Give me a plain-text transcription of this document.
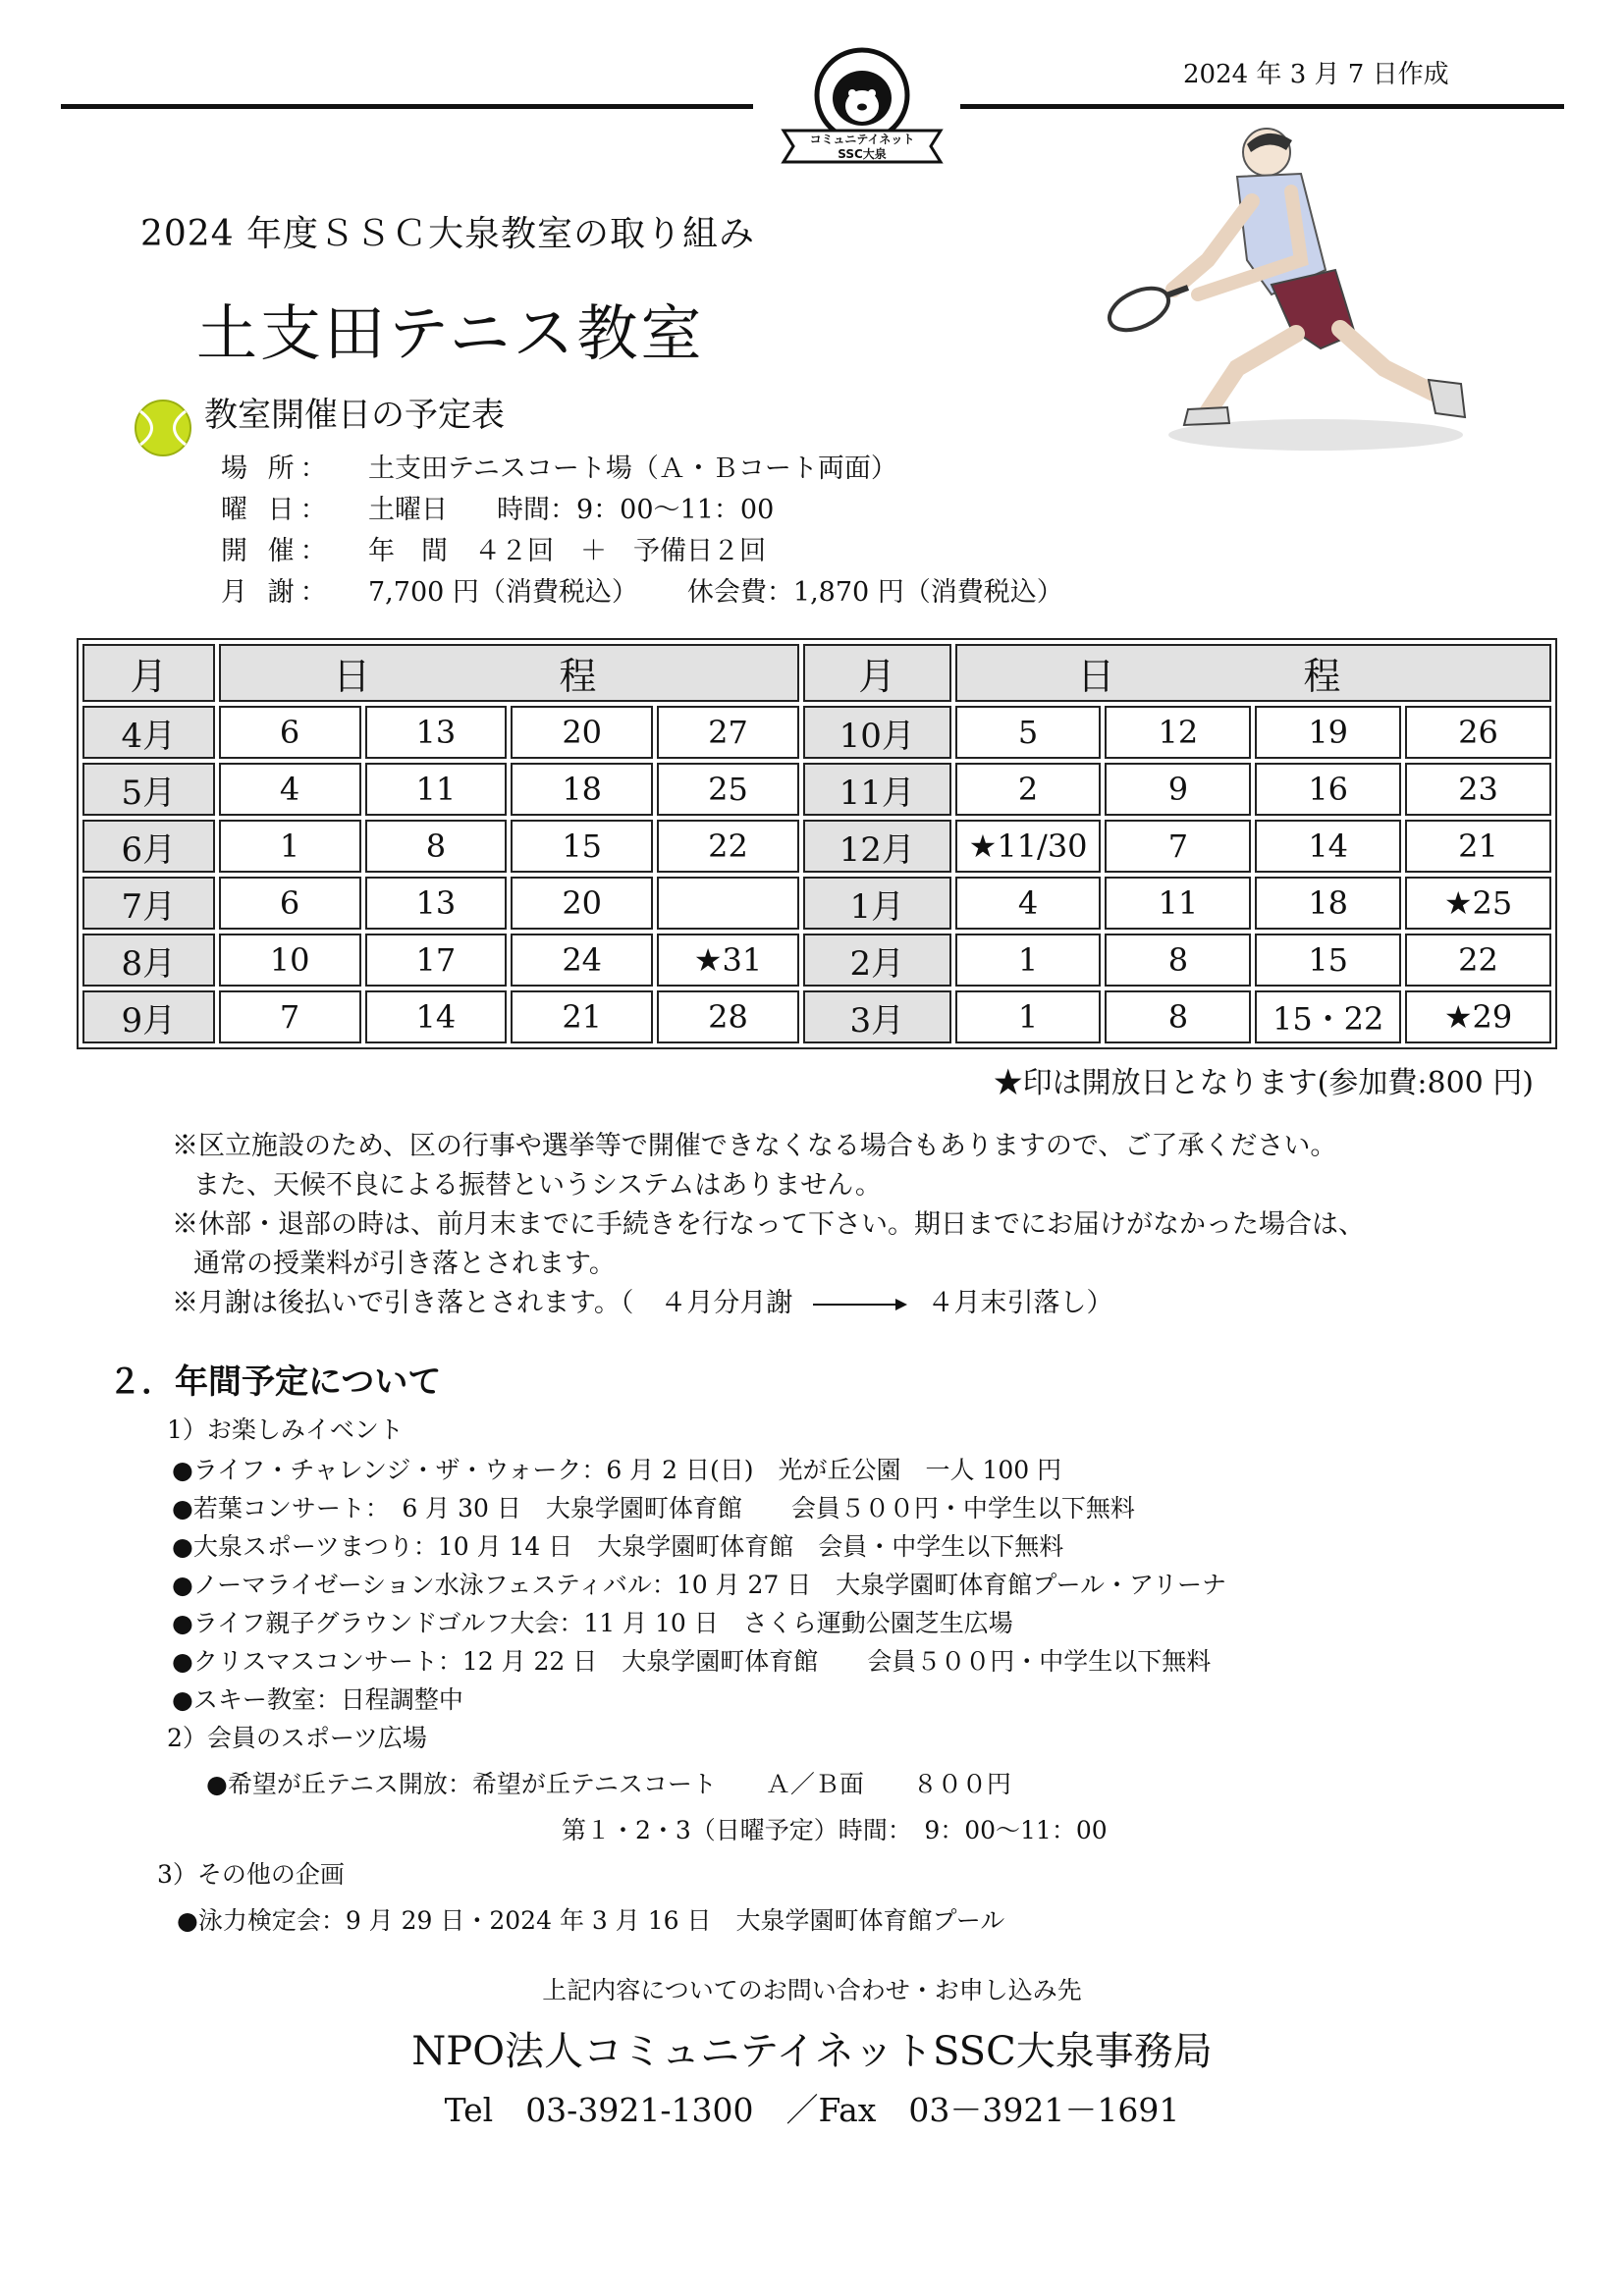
2024 年 3 月 7 日作成
コミュニテイネット
SSC大泉
2024 年度ＳＳＣ大泉教室の取り組み
土支田テニス教室
教室開催日の予定表
場 所： 土支田テニスコート場（Ａ・Ｂコート両面）
曜 日： 土曜日 時間：9：00〜11：00
開 催： 年　間　４２回　＋　予備日２回
月 謝： 7,700 円（消費税込） 休会費：1,870 円（消費税込）
月	日 程				月	日 程			
4月	6	13	20	27	10月	5	12	19	26
5月	4	11	18	25	11月	2	9	16	23
6月	1	8	15	22	12月	★11/30	7	14	21
7月	6	13	20		1月	4	11	18	★25
8月	10	17	24	★31	2月	1	8	15	22
9月	7	14	21	28	3月	1	8	15・22	★29
★印は開放日となります(参加費:800 円)
※区立施設のため、区の行事や選挙等で開催できなくなる場合もありますので、ご了承ください。
また、天候不良による振替というシステムはありません。
※休部・退部の時は、前月末までに手続きを行なって下さい。期日までにお届けがなかった場合は、
通常の授業料が引き落とされます。
※月謝は後払いで引き落とされます。（　４月分月謝	４月末引落し）
２．年間予定について
1）お楽しみイベント
●ライフ・チャレンジ・ザ・ウォーク：6 月 2 日(日)　光が丘公園　一人 100 円
●若葉コンサート：　6 月 30 日　大泉学園町体育館　　会員５００円・中学生以下無料
●大泉スポーツまつり：10 月 14 日　大泉学園町体育館　会員・中学生以下無料
●ノーマライゼーション水泳フェスティバル：10 月 27 日　大泉学園町体育館プール・アリーナ
●ライフ親子グラウンドゴルフ大会：11 月 10 日　さくら運動公園芝生広場
●クリスマスコンサート：12 月 22 日　大泉学園町体育館　　会員５００円・中学生以下無料
●スキー教室：日程調整中
2）会員のスポーツ広場
●希望が丘テニス開放：希望が丘テニスコート　　Ａ／Ｂ面　　８００円
第１・2・3（日曜予定）時間：　9：00〜11：00
3）その他の企画
●泳力検定会：9 月 29 日・2024 年 3 月 16 日　大泉学園町体育館プール
上記内容についてのお問い合わせ・お申し込み先
NPO法人コミュニテイネットSSC大泉事務局
Tel　03-3921-1300　／Fax　03－3921－1691
